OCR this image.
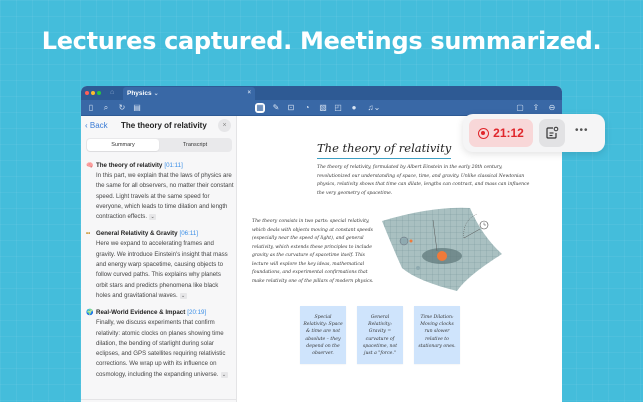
Lectures captured. Meetings summarized.
⌂	Physics ⌄	×
▯	⌕	↻ ▤	▦ ✎ ⊡	◔	▧ ◰	●	♫⌄	▢ ⇪ ⊖
‹ Back The theory of relativity	×
Summary	Transcript
🧠 The theory of relativity [01:11]
In this part, we explain that the laws of physics are the same for all observers, no matter their constant speed. Light travels at the same speed for everyone, which leads to time dilation and length contraction effects. ⌄
•• General Relativity & Gravity [06:11]
Here we expand to accelerating frames and gravity. We introduce Einstein's insight that mass and energy warp spacetime, causing objects to follow curved paths. This explains why planets orbit stars and predicts phenomena like black holes and gravitational waves. ⌄
🌍 Real-World Evidence & Impact [20:19]
Finally, we discuss experiments that confirm relativity: atomic clocks on planes showing time dilation, the bending of starlight during solar eclipses, and GPS satellites requiring relativistic corrections. We wrap up with its influence on cosmology, including the expanding universe. ⌄
The theory of relativity
The theory of relativity, formulated by Albert Einstein in the early 20th century, revolutionized our understanding of space, time, and gravity. Unlike classical Newtonian physics, relativity shows that time can dilate, lengths can contract, and mass can influence the very geometry of spacetime.
The theory consists in two parts: special relativity, which deals with objects moving at constant speeds (especially near the speed of light), and general relativity, which extends these principles to include gravity as the curvature of spacetime itself. This lecture will explore the key ideas, mathematical foundations, and experimental confirmations that make relativity one of the pillars of modern physics.
Special Relativity: Space & time are not absolute – they depend on the observer.
General Relativity: Gravity = curvature of spacetime, not just a "force."
Time Dilation: Moving clocks run slower relative to stationary ones.
21:12	•••
